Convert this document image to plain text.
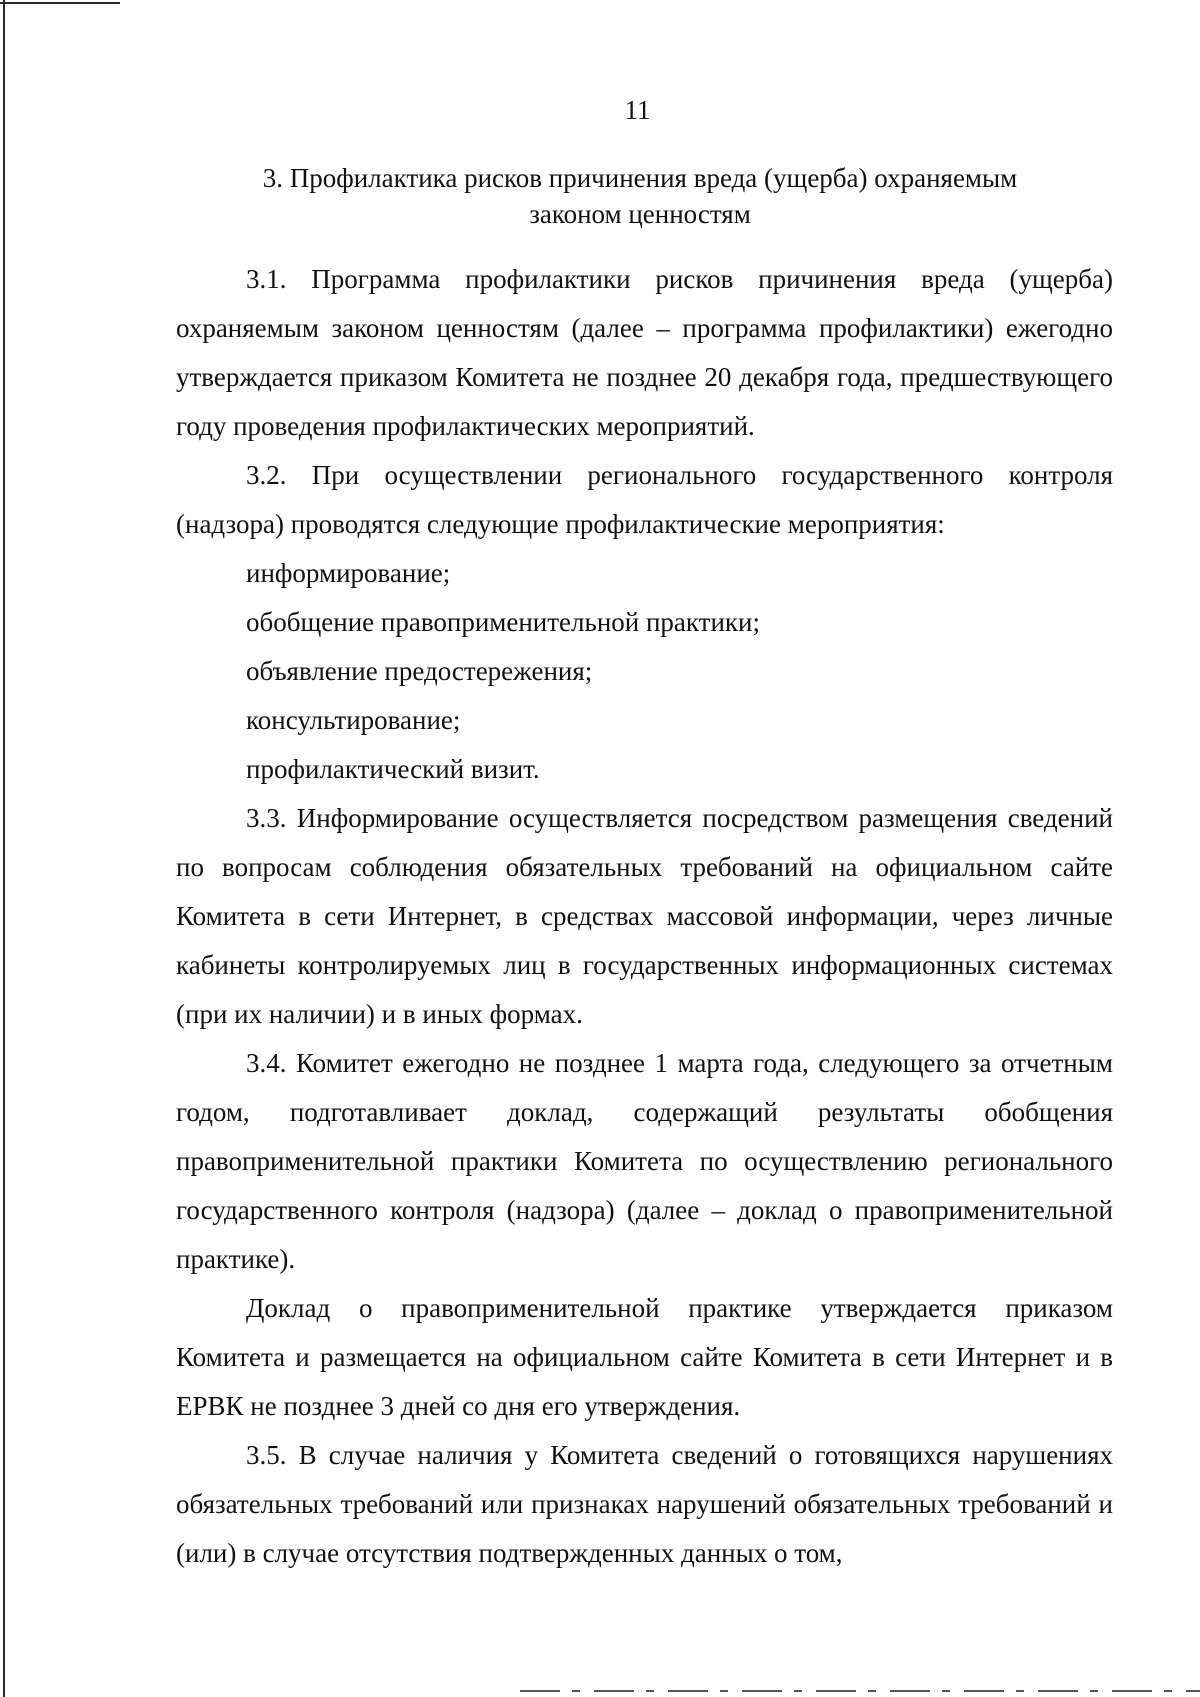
11
3. Профилактика рисков причинения вреда (ущерба) охраняемым
законом ценностям

3.1. Программа профилактики рисков причинения вреда (ущерба) охраняемым законом ценностям (далее – программа профилактики) ежегодно утверждается приказом Комитета не позднее 20 декабря года, предшествующего году проведения профилактических мероприятий.

3.2. При осуществлении регионального государственного контроля (надзора) проводятся следующие профилактические мероприятия:

информирование;

обобщение правоприменительной практики;

объявление предостережения;

консультирование;

профилактический визит.

3.3. Информирование осуществляется посредством размещения сведений по вопросам соблюдения обязательных требований на официальном сайте Комитета в сети Интернет, в средствах массовой информации, через личные кабинеты контролируемых лиц в государственных информационных системах (при их наличии) и в иных формах.

3.4. Комитет ежегодно не позднее 1 марта года, следующего за отчетным годом, подготавливает доклад, содержащий результаты обобщения правоприменительной практики Комитета по осуществлению регионального государственного контроля (надзора) (далее – доклад о правоприменительной практике).

Доклад о правоприменительной практике утверждается приказом Комитета и размещается на официальном сайте Комитета в сети Интернет и в ЕРВК не позднее 3 дней со дня его утверждения.

3.5. В случае наличия у Комитета сведений о готовящихся нарушениях обязательных требований или признаках нарушений обязательных требований и (или) в случае отсутствия подтвержденных данных о том,
